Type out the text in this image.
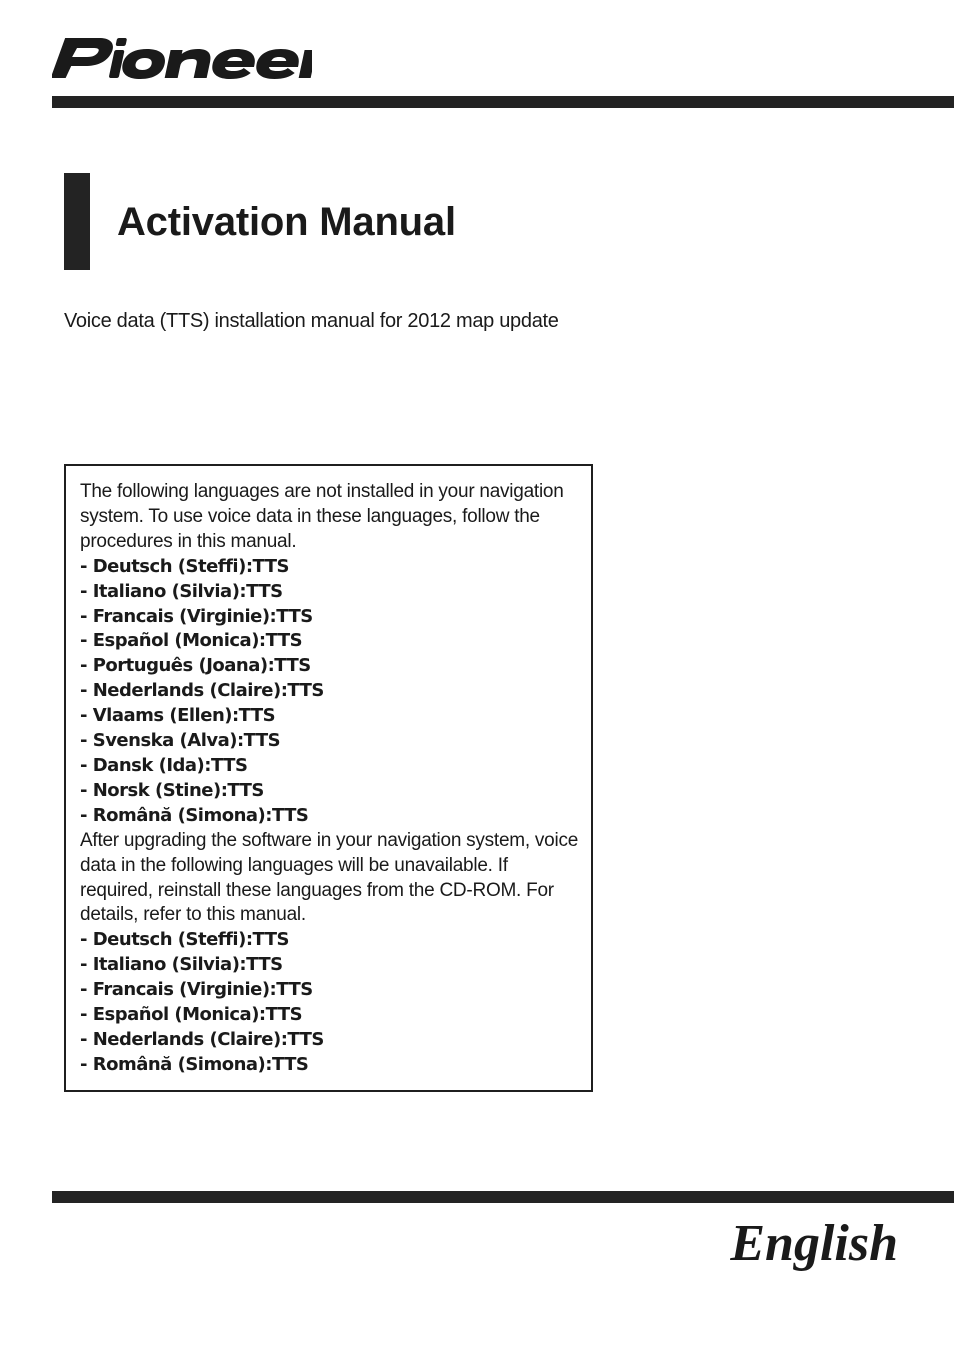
Activation Manual

Voice data (TTS) installation manual for 2012 map update

The following languages are not installed in your navigation system. To use voice data in these languages, follow the procedures in this manual.

- Deutsch (Steffi):TTS
- Italiano (Silvia):TTS
- Francais (Virginie):TTS
- Español (Monica):TTS
- Português (Joana):TTS
- Nederlands (Claire):TTS
- Vlaams (Ellen):TTS
- Svenska (Alva):TTS
- Dansk (Ida):TTS
- Norsk (Stine):TTS
- Română (Simona):TTS

After upgrading the software in your navigation system, voice data in the following languages will be unavailable. If required, reinstall these languages from the CD-ROM. For details, refer to this manual.

- Deutsch (Steffi):TTS
- Italiano (Silvia):TTS
- Francais (Virginie):TTS
- Español (Monica):TTS
- Nederlands (Claire):TTS
- Română (Simona):TTS

English
